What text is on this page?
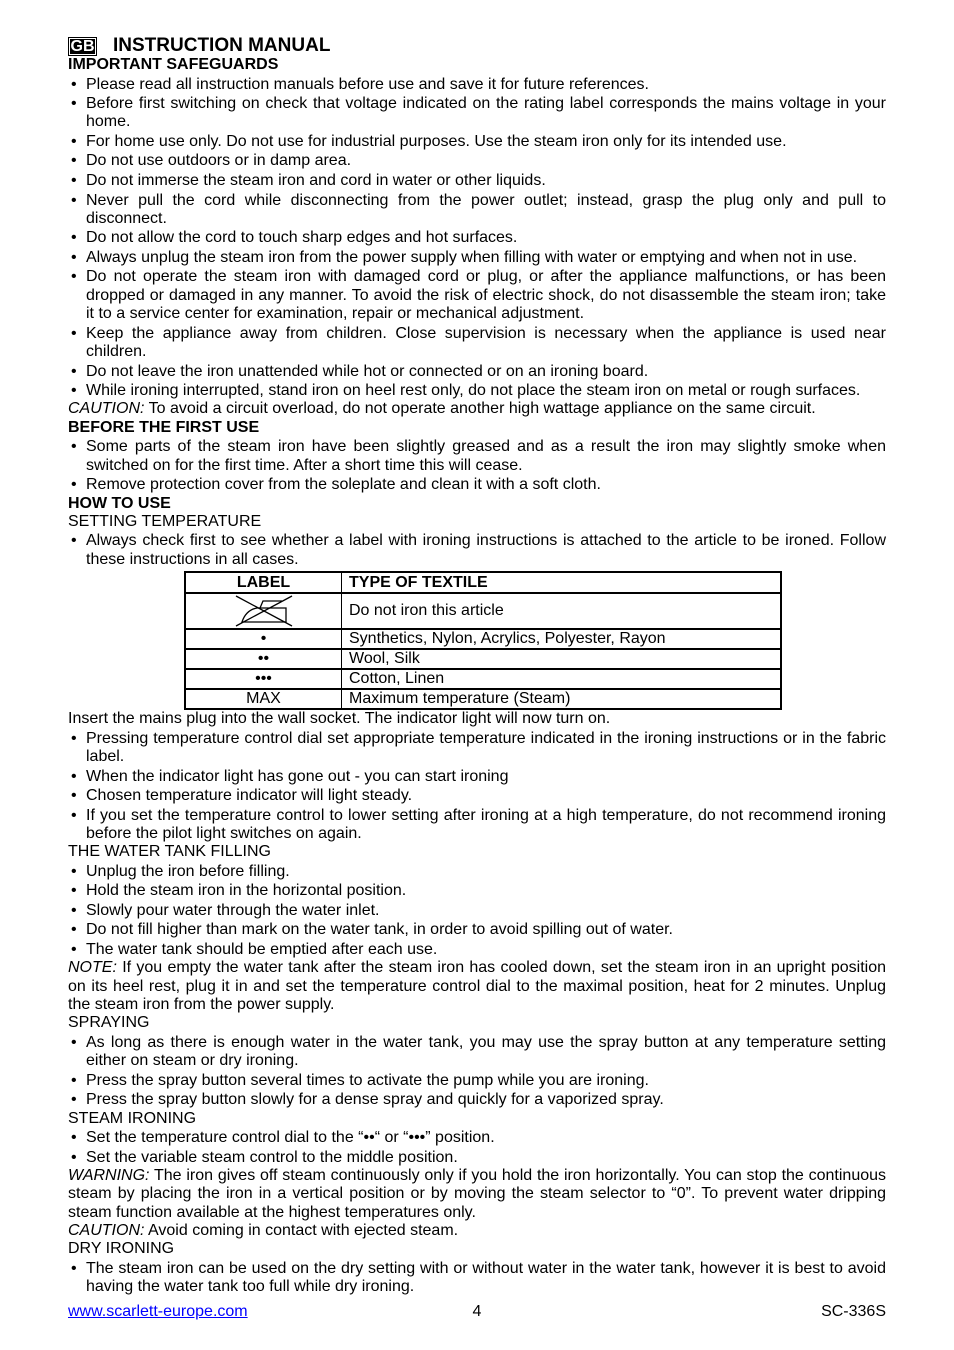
GB INSTRUCTION MANUAL
IMPORTANT SAFEGUARDS
• Please read all instruction manuals before use and save it for future references.
• Before first switching on check that voltage indicated on the rating label corresponds the mains voltage in your home.
• For home use only. Do not use for industrial purposes. Use the steam iron only for its intended use.
• Do not use outdoors or in damp area.
• Do not immerse the steam iron and cord in water or other liquids.
• Never pull the cord while disconnecting from the power outlet; instead, grasp the plug only and pull to disconnect.
• Do not allow the cord to touch sharp edges and hot surfaces.
• Always unplug the steam iron from the power supply when filling with water or emptying and when not in use.
• Do not operate the steam iron with damaged cord or plug, or after the appliance malfunctions, or has been dropped or damaged in any manner. To avoid the risk of electric shock, do not disassemble the steam iron; take it to a service center for examination, repair or mechanical adjustment.
• Keep the appliance away from children. Close supervision is necessary when the appliance is used near children.
• Do not leave the iron unattended while hot or connected or on an ironing board.
• While ironing interrupted, stand iron on heel rest only, do not place the steam iron on metal or rough surfaces.

CAUTION: To avoid a circuit overload, do not operate another high wattage appliance on the same circuit.

BEFORE THE FIRST USE
• Some parts of the steam iron have been slightly greased and as a result the iron may slightly smoke when switched on for the first time. After a short time this will cease.
• Remove protection cover from the soleplate and clean it with a soft cloth.
HOW TO USE
SETTING TEMPERATURE
• Always check first to see whether a label with ironing instructions is attached to the article to be ironed. Follow these instructions in all cases.
LABEL	TYPE OF TEXTILE

	Do not iron this article
•	Synthetics, Nylon, Acrylics, Polyester, Rayon
••	Wool, Silk
•••	Cotton, Linen
MAX	Maximum temperature (Steam)

Insert the mains plug into the wall socket. The indicator light will now turn on.

• Pressing temperature control dial set appropriate temperature indicated in the ironing instructions or in the fabric label.
• When the indicator light has gone out - you can start ironing
• Chosen temperature indicator will light steady.
• If you set the temperature control to lower setting after ironing at a high temperature, do not recommend ironing before the pilot light switches on again.
THE WATER TANK FILLING
• Unplug the iron before filling.
• Hold the steam iron in the horizontal position.
• Slowly pour water through the water inlet.
• Do not fill higher than mark on the water tank, in order to avoid spilling out of water.
• The water tank should be emptied after each use.

NOTE: If you empty the water tank after the steam iron has cooled down, set the steam iron in an upright position on its heel rest, plug it in and set the temperature control dial to the maximal position, heat for 2 minutes. Unplug the steam iron from the power supply.

SPRAYING
• As long as there is enough water in the water tank, you may use the spray button at any temperature setting either on steam or dry ironing.
• Press the spray button several times to activate the pump while you are ironing.
• Press the spray button slowly for a dense spray and quickly for a vaporized spray.
STEAM IRONING
• Set the temperature control dial to the “••“ or “•••” position.
• Set the variable steam control to the middle position.

WARNING: The iron gives off steam continuously only if you hold the iron horizontally. You can stop the continuous steam by placing the iron in a vertical position or by moving the steam selector to “0”. To prevent water dripping steam function available at the highest temperatures only.

CAUTION: Avoid coming in contact with ejected steam.

DRY IRONING
• The steam iron can be used on the dry setting with or without water in the water tank, however it is best to avoid having the water tank too full while dry ironing.
www.scarlett-europe.com	4	SC-336S
